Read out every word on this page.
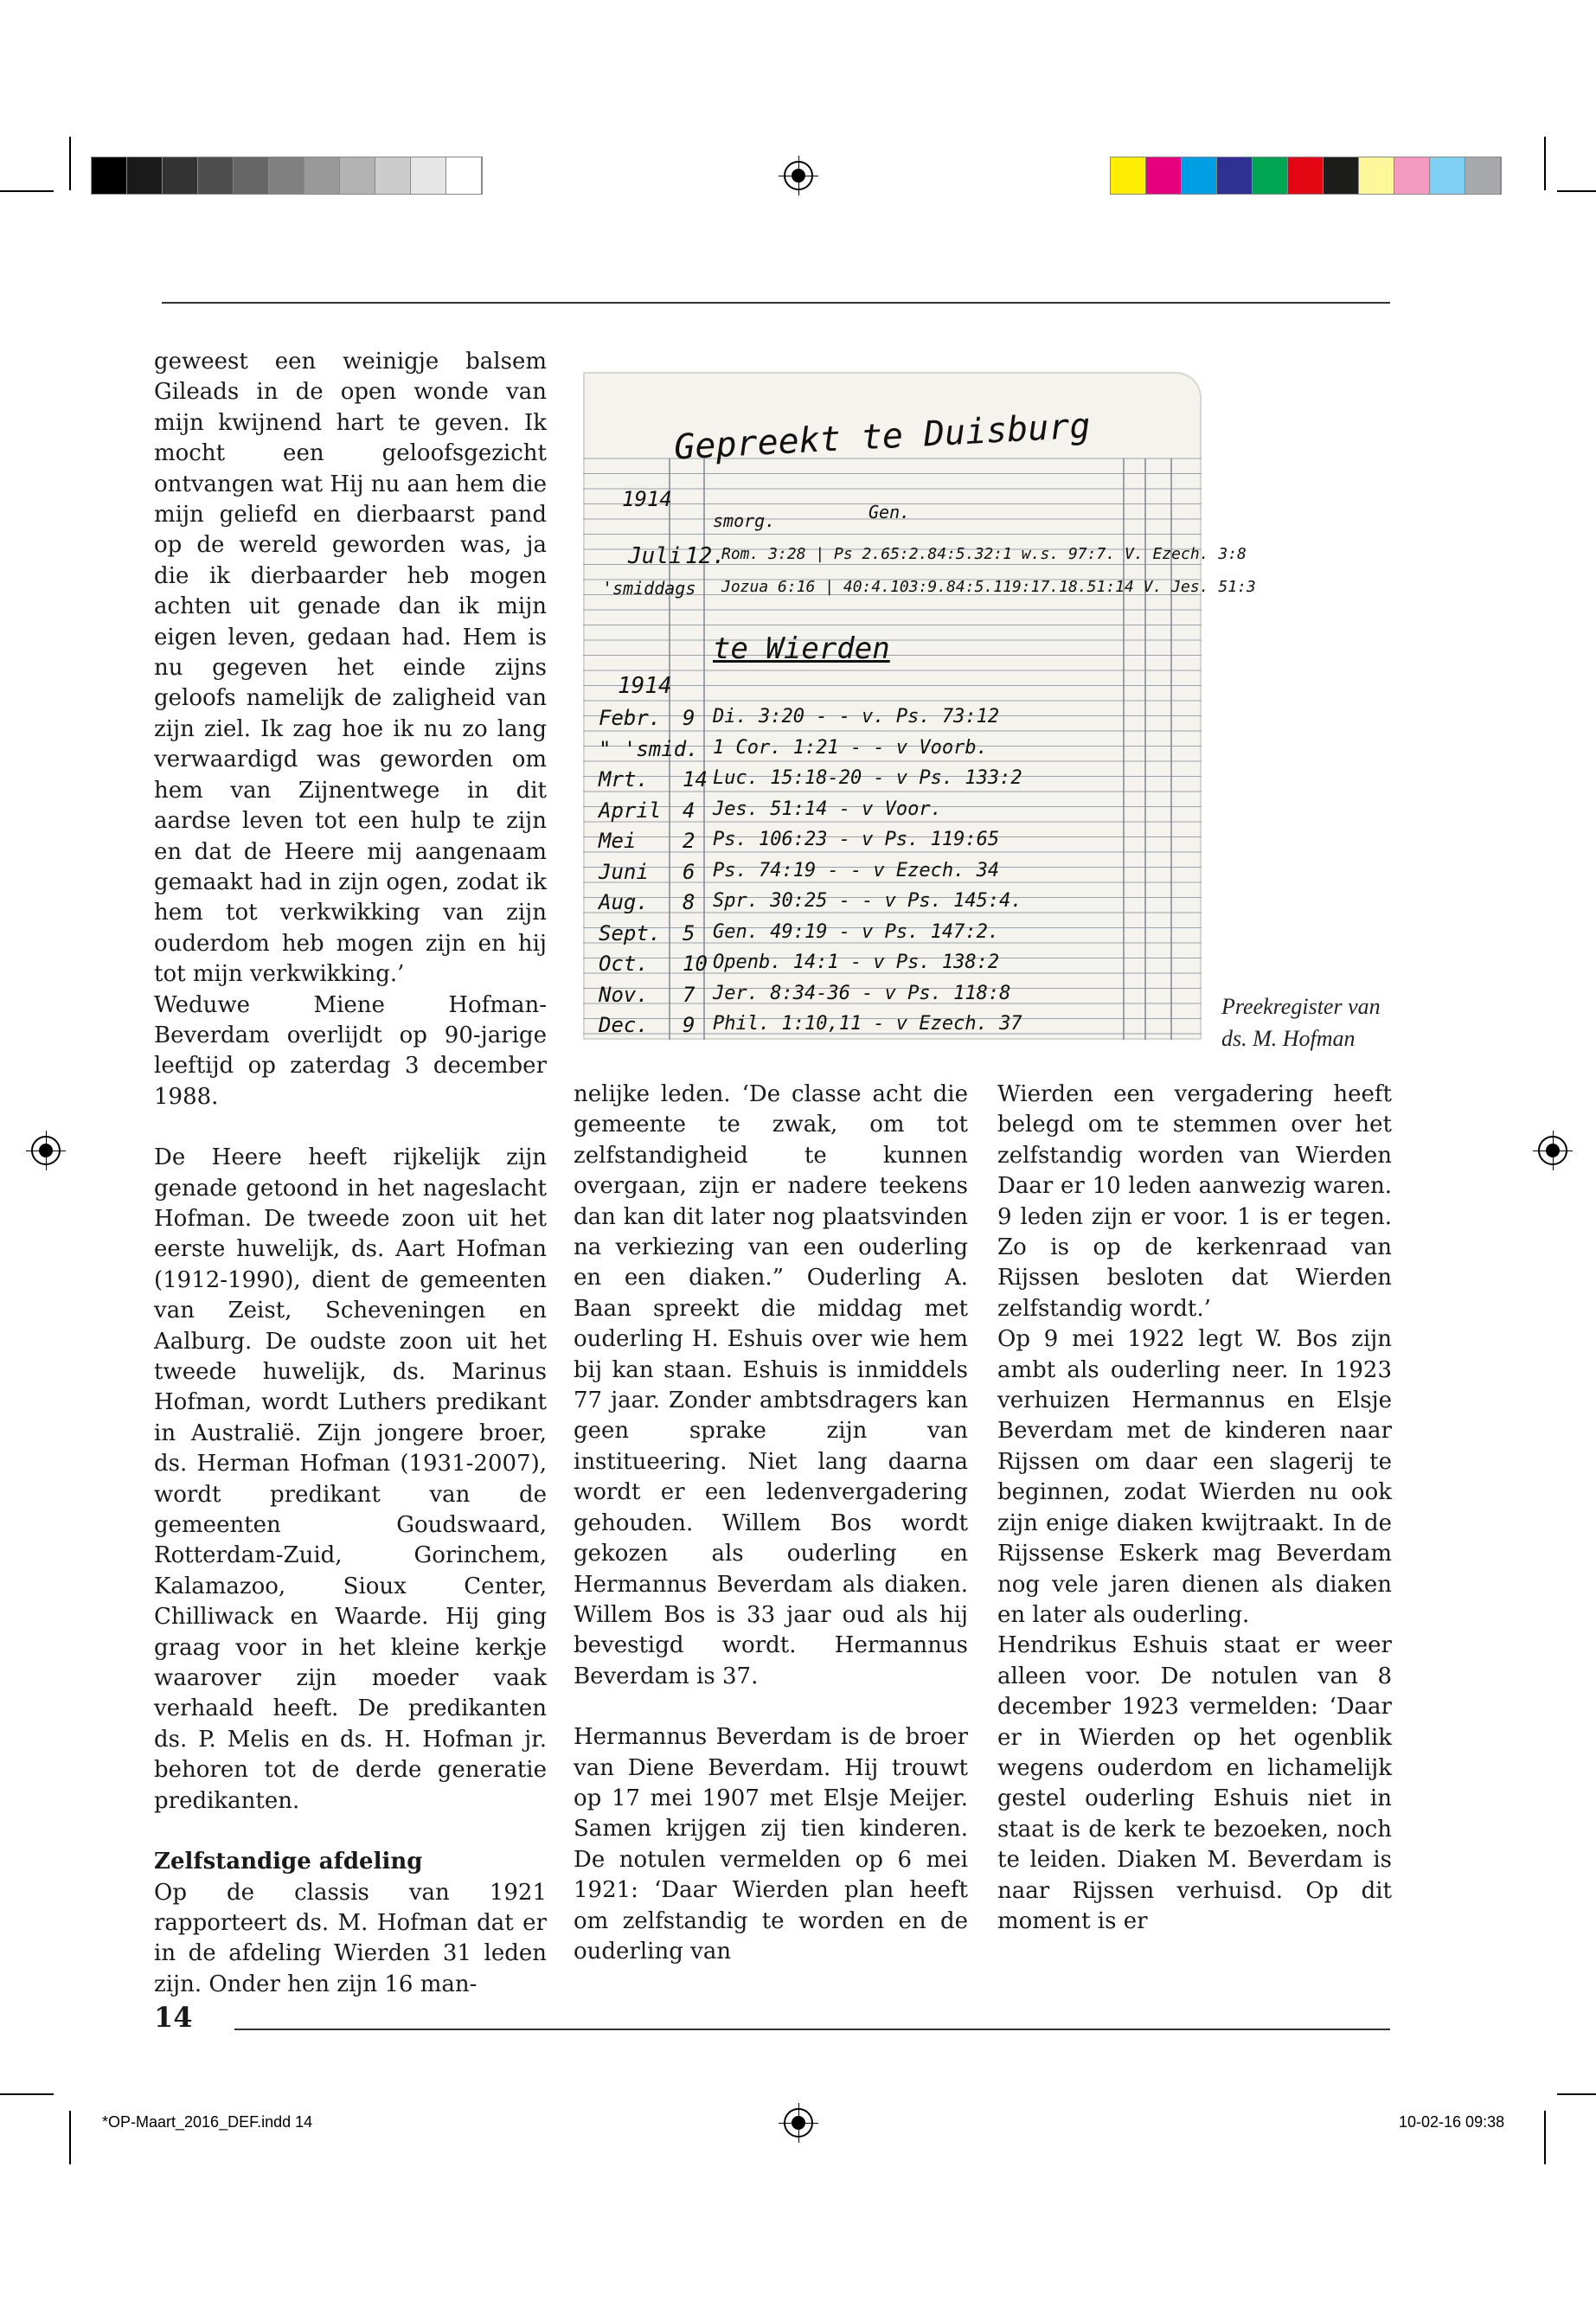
geweest een weinigje balsem Gileads in de open wonde van mijn kwijnend hart te geven. Ik mocht een geloofsgezicht ontvangen wat Hij nu aan hem die mijn geliefd en dierbaarst pand op de wereld geworden was, ja die ik dierbaarder heb mogen achten uit genade dan ik mijn eigen leven, gedaan had. Hem is nu gegeven het einde zijns geloofs namelijk de zaligheid van zijn ziel. Ik zag hoe ik nu zo lang verwaardigd was geworden om hem van Zijnentwege in dit aardse leven tot een hulp te zijn en dat de Heere mij aangenaam gemaakt had in zijn ogen, zodat ik hem tot verkwikking van zijn ouderdom heb mogen zijn en hij tot mijn verkwikking.’

Weduwe Miene Hofman-Beverdam overlijdt op 90-jarige leeftijd op zaterdag 3 december 1988.

De Heere heeft rijkelijk zijn genade getoond in het nageslacht Hofman. De tweede zoon uit het eerste huwelijk, ds. Aart Hofman (1912-1990), dient de gemeenten van Zeist, Scheveningen en Aalburg. De oudste zoon uit het tweede huwelijk, ds. Marinus Hofman, wordt Luthers predikant in Australië. Zijn jongere broer, ds. Herman Hofman (1931-2007), wordt predikant van de gemeenten Goudswaard, Rotterdam-Zuid, Gorinchem, Kalamazoo, Sioux Center, Chilliwack en Waarde. Hij ging graag voor in het kleine kerkje waarover zijn moeder vaak verhaald heeft. De predikanten ds. P. Melis en ds. H. Hofman jr. behoren tot de derde generatie predikanten.

Zelfstandige afdeling

Op de classis van 1921 rapporteert ds. M. Hofman dat er in de afdeling Wierden 31 leden zijn. Onder hen zijn 16 man-

Gepreekt te Duisburg
1914
smorg.	Gen.
Juli 12.
Rom. 3:28 | Ps 2.65:2.84:5.32:1 w.s. 97:7. V. Ezech. 3:8
'smiddags Jozua 6:16 | 40:4.103:9.84:5.119:17.18.51:14 V. Jes. 51:3
te Wierden
1914
Febr. 9 Di. 3:20 - - v. Ps. 73:12
" 'smid. 1 Cor. 1:21 - - v Voorb.
Mrt. 14 Luc. 15:18-20 - v Ps. 133:2
April 4 Jes. 51:14 - v Voor.
Mei 2 Ps. 106:23 - v Ps. 119:65
Juni 6 Ps. 74:19 - - v Ezech. 34
Aug. 8 Spr. 30:25 - - v Ps. 145:4.
Sept. 5 Gen. 49:19 - v Ps. 147:2.
Oct. 10 Openb. 14:1 - v Ps. 138:2
Nov. 7 Jer. 8:34-36 - v Ps. 118:8
Dec. 9 Phil. 1:10,11 - v Ezech. 37
Preekregister van
ds. M. Hofman

nelijke leden. ‘De classe acht die gemeente te zwak, om tot zelfstandigheid te kunnen overgaan, zijn er nadere teekens dan kan dit later nog plaatsvinden na verkiezing van een ouderling en een diaken.” Ouderling A. Baan spreekt die middag met ouderling H. Eshuis over wie hem bij kan staan. Eshuis is inmiddels 77 jaar. Zonder ambtsdragers kan geen sprake zijn van institueering. Niet lang daarna wordt er een ledenvergadering gehouden. Willem Bos wordt gekozen als ouderling en Hermannus Beverdam als diaken. Willem Bos is 33 jaar oud als hij bevestigd wordt. Hermannus Beverdam is 37.

Hermannus Beverdam is de broer van Diene Beverdam. Hij trouwt op 17 mei 1907 met Elsje Meijer. Samen krijgen zij tien kinderen. De notulen vermelden op 6 mei 1921: ‘Daar Wierden plan heeft om zelfstandig te worden en de ouderling van

Wierden een vergadering heeft belegd om te stemmen over het zelfstandig worden van Wierden Daar er 10 leden aanwezig waren. 9 leden zijn er voor. 1 is er tegen. Zo is op de kerkenraad van Rijssen besloten dat Wierden zelfstandig wordt.’

Op 9 mei 1922 legt W. Bos zijn ambt als ouderling neer. In 1923 verhuizen Hermannus en Elsje Beverdam met de kinderen naar Rijssen om daar een slagerij te beginnen, zodat Wierden nu ook zijn enige diaken kwijtraakt. In de Rijssense Eskerk mag Beverdam nog vele jaren dienen als diaken en later als ouderling.

Hendrikus Eshuis staat er weer alleen voor. De notulen van 8 december 1923 vermelden: ‘Daar er in Wierden op het ogenblik wegens ouderdom en lichamelijk gestel ouderling Eshuis niet in staat is de kerk te bezoeken, noch te leiden. Diaken M. Beverdam is naar Rijssen verhuisd. Op dit moment is er

14
*OP-Maart_2016_DEF.indd 14	10-02-16 09:38
